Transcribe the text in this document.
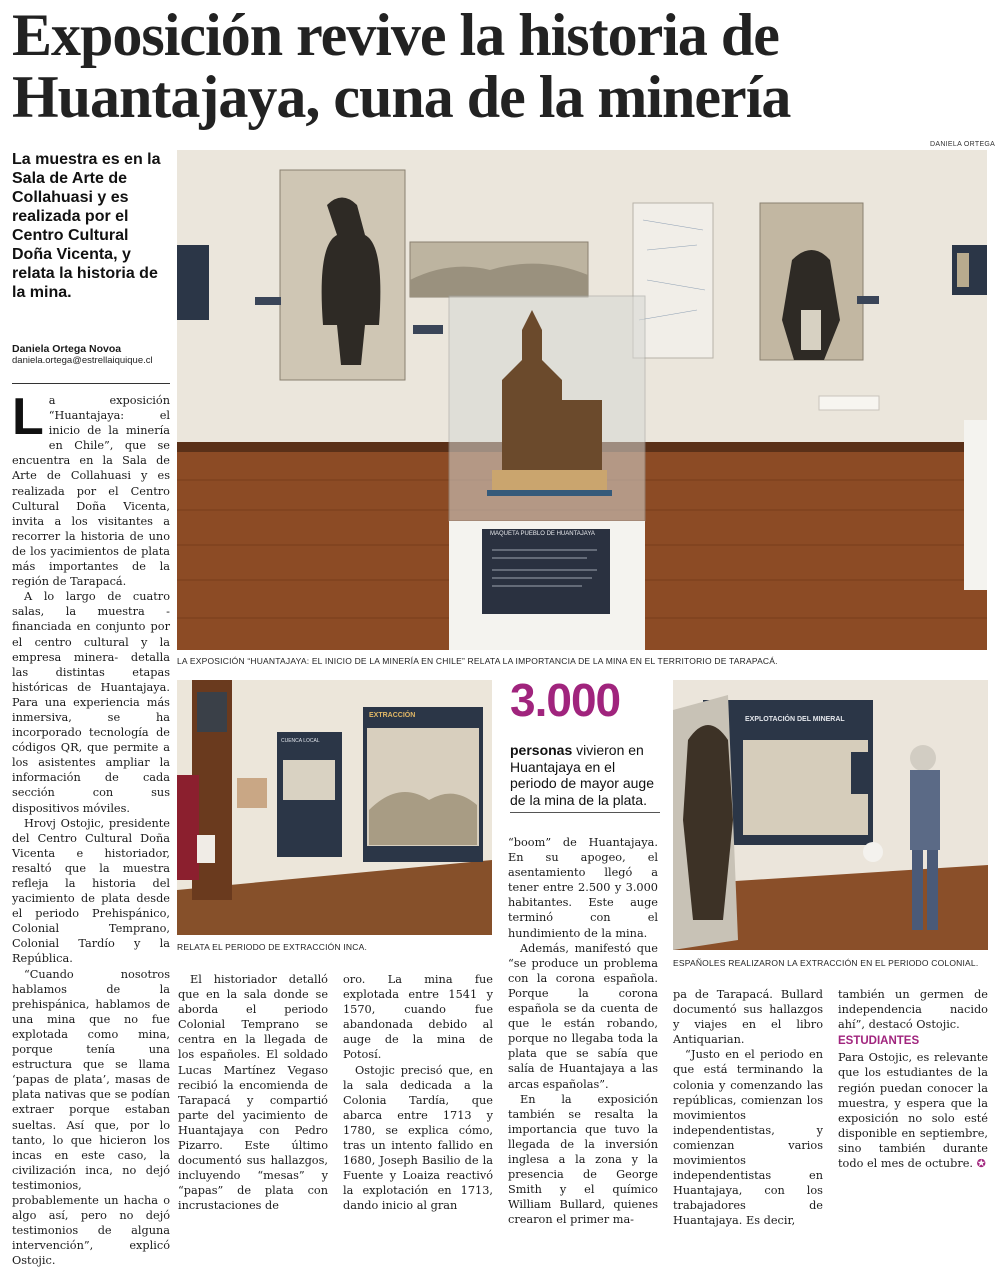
Exposición revive la historia de Huantajaya, cuna de la minería
DANIELA ORTEGA

La muestra es en la Sala de Arte de Collahuasi y es realizada por el Centro Cultural Doña Vicenta, y relata la historia de la mina.

Daniela Ortega Novoa
daniela.ortega@estrellaiquique.cl
MAQUETA PUEBLO DE HUANTAJAYA
LA EXPOSICIÓN “HUANTAJAYA: EL INICIO DE LA MINERÍA EN CHILE” RELATA LA IMPORTANCIA DE LA MINA EN EL TERRITORIO DE TARAPACÁ.
CUENCA LOCAL
EXTRACCIÓN
RELATA EL PERIODO DE EXTRACCIÓN INCA.
3.000
personas vivieron en Huantajaya en el periodo de mayor auge de la mina de la plata.
EXPLOTACIÓN DEL MINERAL
ESPAÑOLES REALIZARON LA EXTRACCIÓN EN EL PERIODO COLONIAL.

La exposición “Huantajaya: el inicio de la minería en Chile”, que se encuentra en la Sala de Arte de Collahuasi y es realizada por el Centro Cultural Doña Vicenta, invita a los visitantes a recorrer la historia de uno de los yacimientos de plata más importantes de la región de Tarapacá.

A lo largo de cuatro salas, la muestra - financiada en conjunto por el centro cultural y la empresa minera- detalla las distintas etapas históricas de Huantajaya. Para una experiencia más inmersiva, se ha incorporado tecnología de códigos QR, que permite a los asistentes ampliar la información de cada sección con sus dispositivos móviles.

Hrovj Ostojic, presidente del Centro Cultural Doña Vicenta e historiador, resaltó que la muestra refleja la historia del yacimiento de plata desde el periodo Prehispánico, Colonial Temprano, Colonial Tardío y la República.

“Cuando nosotros hablamos de la prehispánica, hablamos de una mina que no fue explotada como mina, porque tenía una estructura que se llama ‘papas de plata’, masas de plata nativas que se podían extraer porque estaban sueltas. Así que, por lo tanto, lo que hicieron los incas en este caso, la civilización inca, no dejó testimonios, probablemente un hacha o algo así, pero no dejó testimonios de alguna intervención”, explicó Ostojic.

El historiador detalló que en la sala donde se aborda el periodo Colonial Temprano se centra en la llegada de los españoles. El soldado Lucas Martínez Vegaso recibió la encomienda de Tarapacá y compartió parte del yacimiento de Huantajaya con Pedro Pizarro. Este último documentó sus hallazgos, incluyendo “mesas” y “papas” de plata con incrustaciones de

oro. La mina fue explotada entre 1541 y 1570, cuando fue abandonada debido al auge de la mina de Potosí.

Ostojic precisó que, en la sala dedicada a la Colonia Tardía, que abarca entre 1713 y 1780, se explica cómo, tras un intento fallido en 1680, Joseph Basilio de la Fuente y Loaiza reactivó la explotación en 1713, dando inicio al gran

“boom” de Huantajaya. En su apogeo, el asentamiento llegó a tener entre 2.500 y 3.000 habitantes. Este auge terminó con el hundimiento de la mina.

Además, manifestó que “se produce un problema con la corona española. Porque la corona española se da cuenta de que le están robando, porque no llegaba toda la plata que se sabía que salía de Huantajaya a las arcas españolas”.

En la exposición también se resalta la importancia que tuvo la llegada de la inversión inglesa a la zona y la presencia de George Smith y el químico William Bullard, quienes crearon el primer ma-

pa de Tarapacá. Bullard documentó sus hallazgos y viajes en el libro Antiquarian.

“Justo en el periodo en que está terminando la colonia y comenzando las repúblicas, comienzan los movimientos independentistas, y comienzan varios movimientos independentistas en Huantajaya, con los trabajadores de Huantajaya. Es decir,

también un germen de independencia nacido ahí”, destacó Ostojic.

ESTUDIANTES

Para Ostojic, es relevante que los estudiantes de la región puedan conocer la muestra, y espera que la exposición no solo esté disponible en septiembre, sino también durante todo el mes de octubre. ✪
